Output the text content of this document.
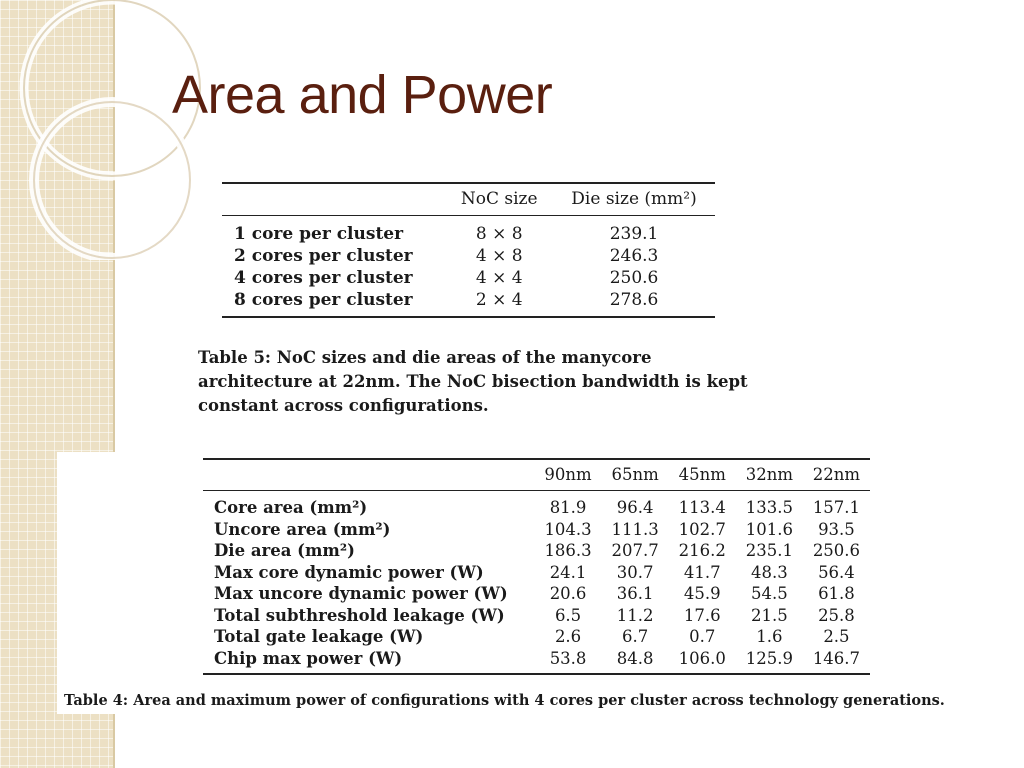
Area and Power
	NoC size	Die size (mm²)
1 core per cluster	8 × 8	239.1
2 cores per cluster	4 × 8	246.3
4 cores per cluster	4 × 4	250.6
8 cores per cluster	2 × 4	278.6

Table 5: NoC sizes and die areas of the manycore architecture at 22nm. The NoC bisection bandwidth is kept constant across configurations.

	90nm	65nm	45nm	32nm	22nm
Core area (mm²)	81.9	96.4	113.4	133.5	157.1
Uncore area (mm²)	104.3	111.3	102.7	101.6	93.5
Die area (mm²)	186.3	207.7	216.2	235.1	250.6
Max core dynamic power (W)	24.1	30.7	41.7	48.3	56.4
Max uncore dynamic power (W)	20.6	36.1	45.9	54.5	61.8
Total subthreshold leakage (W)	6.5	11.2	17.6	21.5	25.8
Total gate leakage (W)	2.6	6.7	0.7	1.6	2.5
Chip max power (W)	53.8	84.8	106.0	125.9	146.7

Table 4: Area and maximum power of configurations with 4 cores per cluster across technology generations.
